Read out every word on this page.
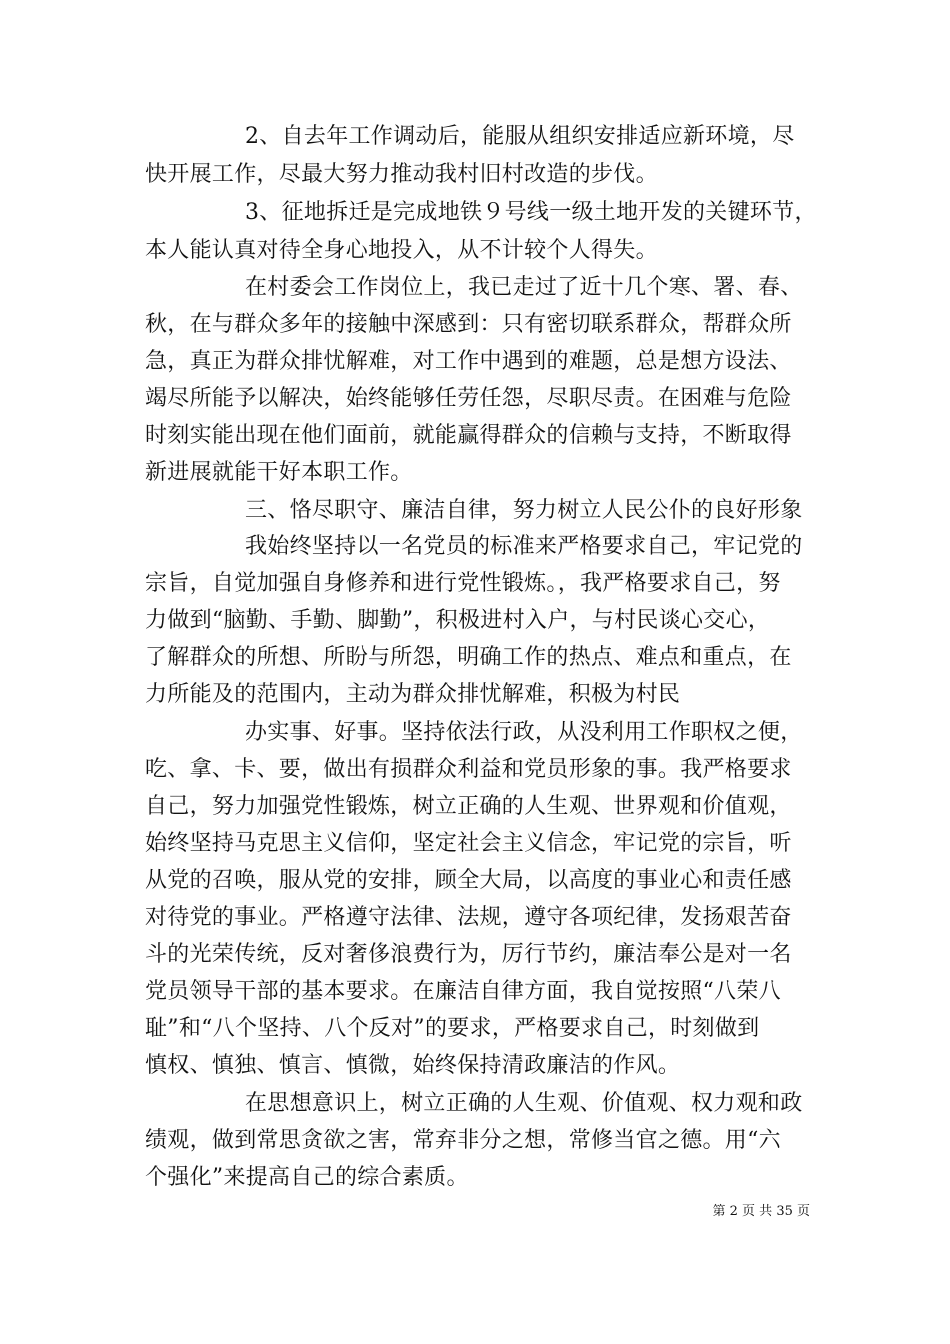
2、自去年工作调动后，能服从组织安排适应新环境，尽
快开展工作，尽最大努力推动我村旧村改造的步伐。
3、征地拆迁是完成地铁９号线一级土地开发的关键环节，
本人能认真对待全身心地投入，从不计较个人得失。
在村委会工作岗位上，我已走过了近十几个寒、署、春、
秋，在与群众多年的接触中深感到：只有密切联系群众，帮群众所
急，真正为群众排忧解难，对工作中遇到的难题，总是想方设法、
竭尽所能予以解决，始终能够任劳任怨，尽职尽责。在困难与危险
时刻实能出现在他们面前，就能赢得群众的信赖与支持，不断取得
新进展就能干好本职工作。
三、恪尽职守、廉洁自律，努力树立人民公仆的良好形象
我始终坚持以一名党员的标准来严格要求自己，牢记党的
宗旨，自觉加强自身修养和进行党性锻炼。，我严格要求自己，努
力做到“脑勤、手勤、脚勤”，积极进村入户，与村民谈心交心，
了解群众的所想、所盼与所怨，明确工作的热点、难点和重点，在
力所能及的范围内，主动为群众排忧解难，积极为村民
办实事、好事。坚持依法行政，从没利用工作职权之便，
吃、拿、卡、要，做出有损群众利益和党员形象的事。我严格要求
自己，努力加强党性锻炼，树立正确的人生观、世界观和价值观，
始终坚持马克思主义信仰，坚定社会主义信念，牢记党的宗旨，听
从党的召唤，服从党的安排，顾全大局，以高度的事业心和责任感
对待党的事业。严格遵守法律、法规，遵守各项纪律，发扬艰苦奋
斗的光荣传统，反对奢侈浪费行为，厉行节约，廉洁奉公是对一名
党员领导干部的基本要求。在廉洁自律方面，我自觉按照“八荣八
耻”和“八个坚持、八个反对”的要求，严格要求自己，时刻做到
慎权、慎独、慎言、慎微，始终保持清政廉洁的作风。
在思想意识上，树立正确的人生观、价值观、权力观和政
绩观，做到常思贪欲之害，常弃非分之想，常修当官之德。用“六
个强化”来提高自己的综合素质。
第 2 页 共 35 页
